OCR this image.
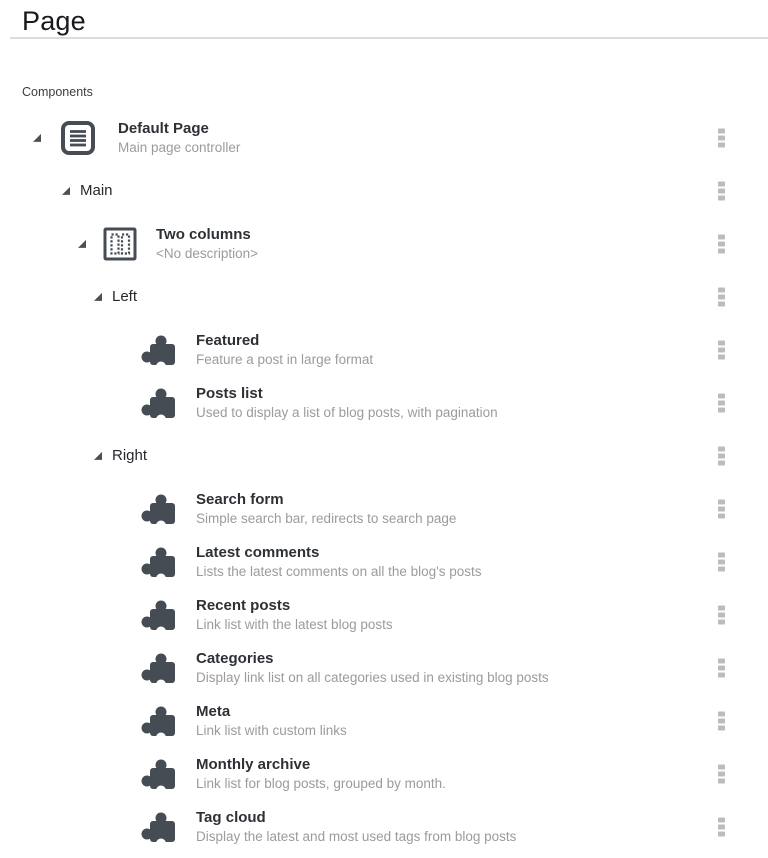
Page
Components
Default Page
Main page controller
Main
Two columns
<No description>
Left
Featured
Feature a post in large format
Posts list
Used to display a list of blog posts, with pagination
Right
Search form
Simple search bar, redirects to search page
Latest comments
Lists the latest comments on all the blog's posts
Recent posts
Link list with the latest blog posts
Categories
Display link list on all categories used in existing blog posts
Meta
Link list with custom links
Monthly archive
Link list for blog posts, grouped by month.
Tag cloud
Display the latest and most used tags from blog posts
